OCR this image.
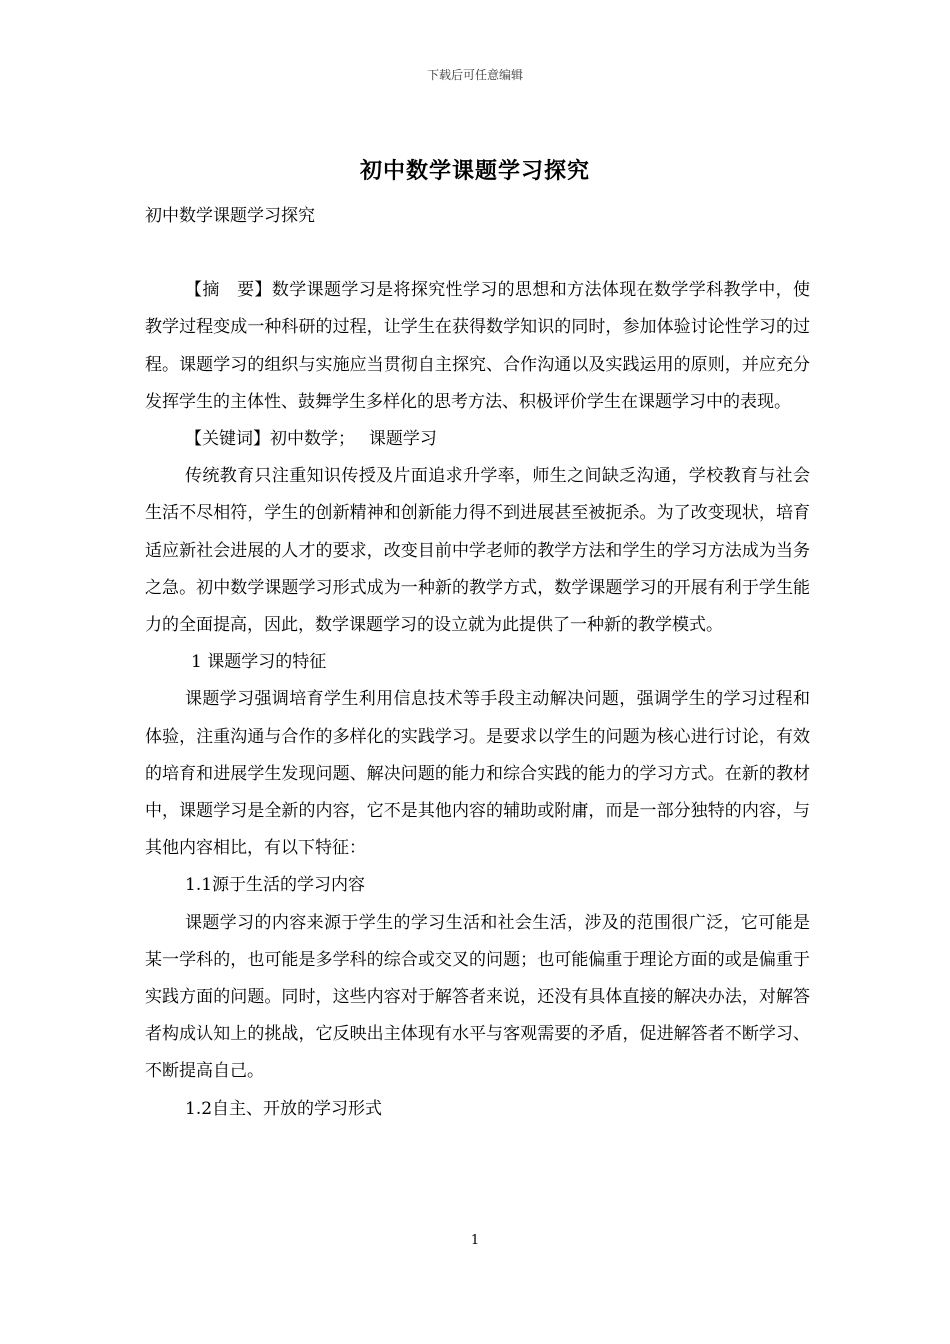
下载后可任意编辑
初中数学课题学习探究

初中数学课题学习探究

【摘　要】数学课题学习是将探究性学习的思想和方法体现在数学学科教学中，使教学过程变成一种科研的过程，让学生在获得数学知识的同时，参加体验讨论性学习的过程。课题学习的组织与实施应当贯彻自主探究、合作沟通以及实践运用的原则，并应充分发挥学生的主体性、鼓舞学生多样化的思考方法、积极评价学生在课题学习中的表现。

【关键词】初中数学；　 课题学习

传统教育只注重知识传授及片面追求升学率，师生之间缺乏沟通，学校教育与社会生活不尽相符，学生的创新精神和创新能力得不到进展甚至被扼杀。为了改变现状，培育适应新社会进展的人才的要求，改变目前中学老师的教学方法和学生的学习方法成为当务之急。初中数学课题学习形式成为一种新的教学方式，数学课题学习的开展有利于学生能力的全面提高，因此，数学课题学习的设立就为此提供了一种新的教学模式。

1 课题学习的特征

课题学习强调培育学生利用信息技术等手段主动解决问题，强调学生的学习过程和体验，注重沟通与合作的多样化的实践学习。是要求以学生的问题为核心进行讨论，有效的培育和进展学生发现问题、解决问题的能力和综合实践的能力的学习方式。在新的教材中，课题学习是全新的内容，它不是其他内容的辅助或附庸，而是一部分独特的内容，与其他内容相比，有以下特征：

1.1源于生活的学习内容

课题学习的内容来源于学生的学习生活和社会生活，涉及的范围很广泛，它可能是某一学科的，也可能是多学科的综合或交叉的问题；也可能偏重于理论方面的或是偏重于实践方面的问题。同时，这些内容对于解答者来说，还没有具体直接的解决办法，对解答者构成认知上的挑战，它反映出主体现有水平与客观需要的矛盾，促进解答者不断学习、不断提高自己。

1.2自主、开放的学习形式

1
